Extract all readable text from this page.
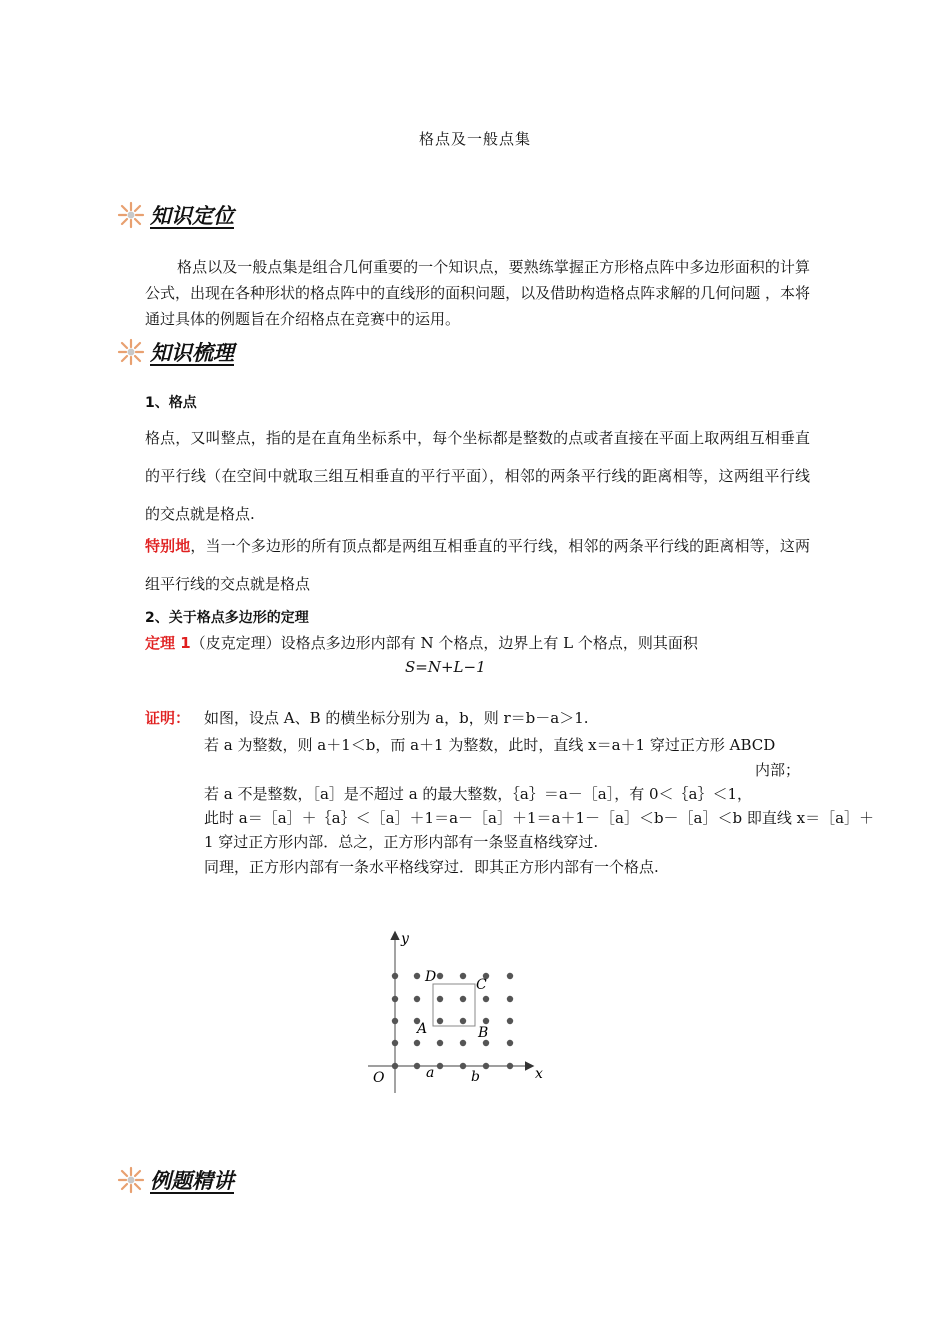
格点及一般点集
知识定位
格点以及一般点集是组合几何重要的一个知识点，要熟练掌握正方形格点阵中多边形面积的计算公式，出现在各种形状的格点阵中的直线形的面积问题，以及借助构造格点阵求解的几何问题 ，本将通过具体的例题旨在介绍格点在竞赛中的运用。
知识梳理
1、格点
格点，又叫整点，指的是在直角坐标系中，每个坐标都是整数的点或者直接在平面上取两组互相垂直的平行线（在空间中就取三组互相垂直的平行平面），相邻的两条平行线的距离相等，这两组平行线的交点就是格点.
特别地，当一个多边形的所有顶点都是两组互相垂直的平行线，相邻的两条平行线的距离相等，这两组平行线的交点就是格点
2、关于格点多边形的定理
定理 1（皮克定理）设格点多边形内部有 N 个格点，边界上有 L 个格点，则其面积
S=N+L−1
证明： 如图，设点 A、B 的横坐标分别为 a，b，则 r＝b－a＞1.
若 a 为整数，则 a＋1＜b，而 a＋1 为整数，此时，直线 x＝a＋1 穿过正方形 ABCD
内部；
若 a 不是整数，［a］是不超过 a 的最大整数，｛a｝＝a－［a］，有 0＜｛a｝＜1，
此时 a＝［a］＋｛a｝＜［a］＋1＝a－［a］＋1＝a＋1－［a］＜b－［a］＜b 即直线 x＝［a］＋
1 穿过正方形内部．总之，正方形内部有一条竖直格线穿过.
同理，正方形内部有一条水平格线穿过．即其正方形内部有一个格点.
y
x
O	a	b
A	B
C
D
例题精讲
